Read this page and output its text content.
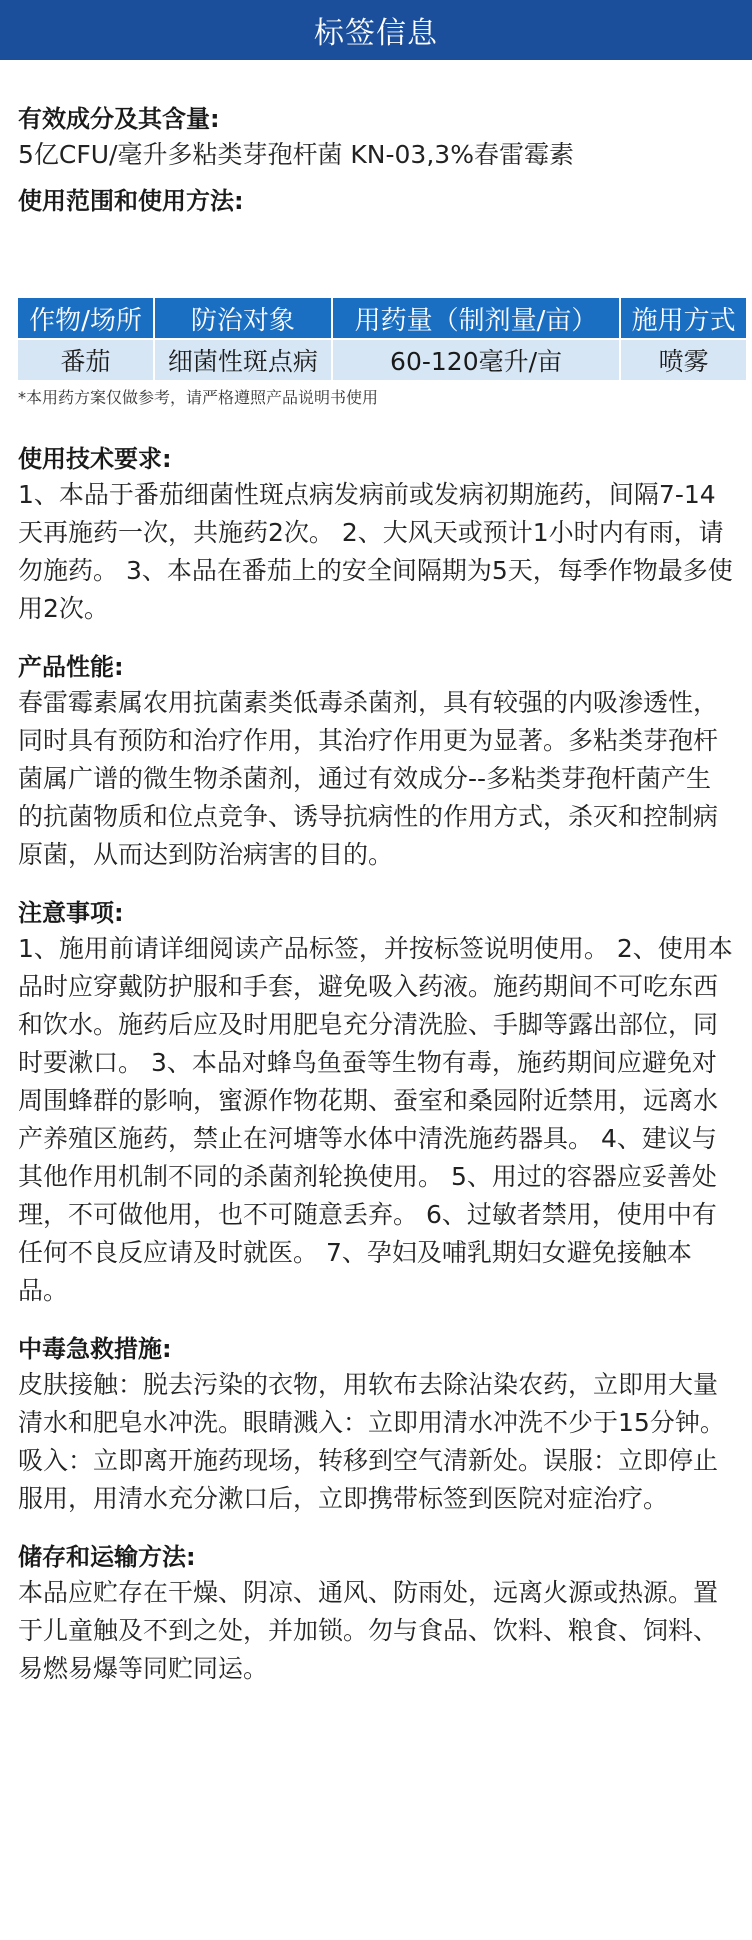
标签信息
有效成分及其含量:
5亿CFU/毫升多粘类芽孢杆菌 KN-03,3%春雷霉素
使用范围和使用方法:
作物/场所	防治对象	用药量（制剂量/亩）	施用方式
番茄	细菌性斑点病	60-120毫升/亩	喷雾
*本用药方案仅做参考，请严格遵照产品说明书使用
使用技术要求:
1、本品于番茄细菌性斑点病发病前或发病初期施药，间隔7-14天再施药一次，共施药2次。 2、大风天或预计1小时内有雨，请勿施药。 3、本品在番茄上的安全间隔期为5天，每季作物最多使用2次。
产品性能:
春雷霉素属农用抗菌素类低毒杀菌剂，具有较强的内吸渗透性，同时具有预防和治疗作用，其治疗作用更为显著。多粘类芽孢杆菌属广谱的微生物杀菌剂，通过有效成分--多粘类芽孢杆菌产生的抗菌物质和位点竞争、诱导抗病性的作用方式，杀灭和控制病原菌，从而达到防治病害的目的。
注意事项:
1、施用前请详细阅读产品标签，并按标签说明使用。 2、使用本品时应穿戴防护服和手套，避免吸入药液。施药期间不可吃东西和饮水。施药后应及时用肥皂充分清洗脸、手脚等露出部位，同时要漱口。 3、本品对蜂鸟鱼蚕等生物有毒，施药期间应避免对周围蜂群的影响，蜜源作物花期、蚕室和桑园附近禁用，远离水产养殖区施药，禁止在河塘等水体中清洗施药器具。 4、建议与其他作用机制不同的杀菌剂轮换使用。 5、用过的容器应妥善处理，不可做他用，也不可随意丢弃。 6、过敏者禁用，使用中有任何不良反应请及时就医。 7、孕妇及哺乳期妇女避免接触本品。
中毒急救措施:
皮肤接触：脱去污染的衣物，用软布去除沾染农药，立即用大量清水和肥皂水冲洗。眼睛溅入：立即用清水冲洗不少于15分钟。吸入：立即离开施药现场，转移到空气清新处。误服：立即停止服用，用清水充分漱口后，立即携带标签到医院对症治疗。
储存和运输方法:
本品应贮存在干燥、阴凉、通风、防雨处，远离火源或热源。置于儿童触及不到之处，并加锁。勿与食品、饮料、粮食、饲料、易燃易爆等同贮同运。
